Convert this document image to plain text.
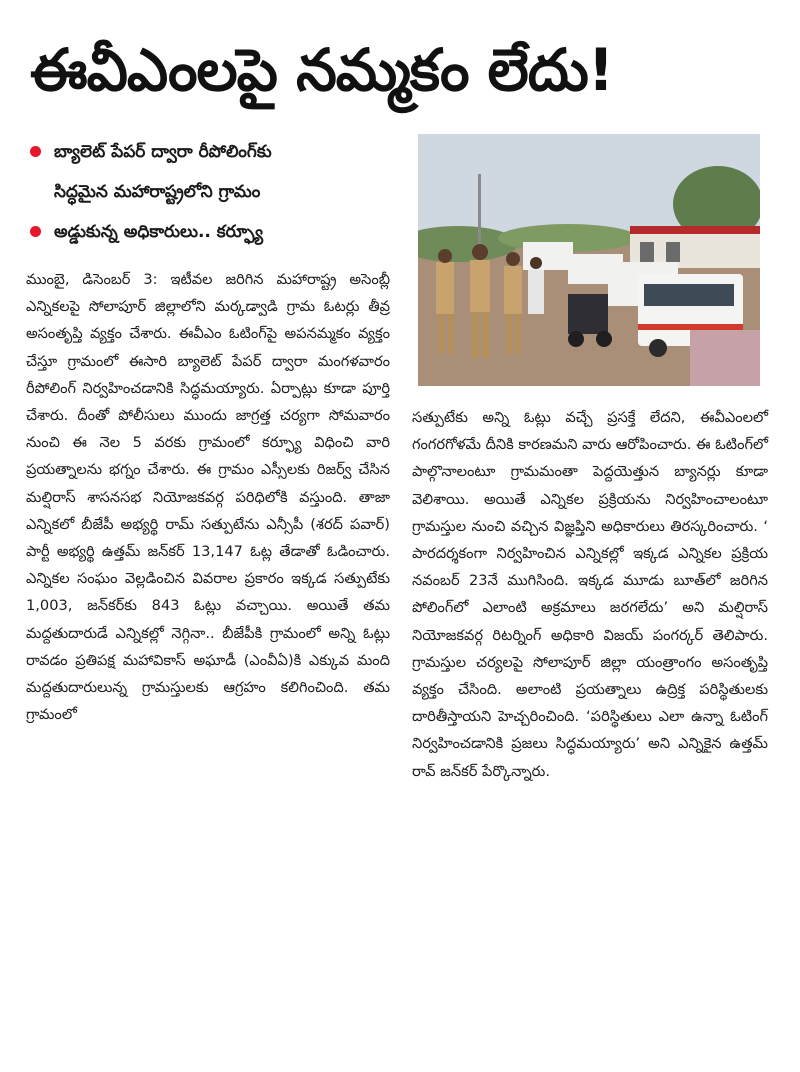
ఈవీఎంలపై నమ్మకం లేదు!
బ్యాలెట్ పేపర్ ద్వారా రీపోలింగ్‌కు
సిద్ధమైన మహారాష్ట్రలోని గ్రామం
అడ్డుకున్న అధికారులు.. కర్ఫ్యూ

ముంబై, డిసెంబర్ 3: ఇటీవల జరిగిన మహారాష్ట్ర అసెంబ్లీ ఎన్నికలపై సోలాపూర్ జిల్లాలోని మర్కడ్వాడి గ్రామ ఓటర్లు తీవ్ర అసంతృప్తి వ్యక్తం చేశారు. ఈవీఎం ఓటింగ్‌పై అపనమ్మకం వ్యక్తం చేస్తూ గ్రామంలో ఈసారి బ్యాలెట్ పేపర్ ద్వారా మంగళవారం రీపోలింగ్ నిర్వహించడానికి సిద్ధమయ్యారు. ఏర్పాట్లు కూడా పూర్తి చేశారు. దీంతో పోలీసులు ముందు జాగ్రత్త చర్యగా సోమవారం నుంచి ఈ నెల 5 వరకు గ్రామంలో కర్ఫ్యూ విధించి వారి ప్రయత్నాలను భగ్నం చేశారు. ఈ గ్రామం ఎస్సీలకు రిజర్వ్ చేసిన మల్షిరాస్ శాసనసభ నియోజకవర్గ పరిధిలోకి వస్తుంది. తాజా ఎన్నికలో బీజేపీ అభ్యర్థి రామ్ సత్పుటేను ఎన్సీపీ (శరద్ పవార్) పార్టీ అభ్యర్థి ఉత్తమ్ జన్‌కర్ 13,147 ఓట్ల తేడాతో ఓడించారు. ఎన్నికల సంఘం వెల్లడించిన వివరాల ప్రకారం ఇక్కడ సత్పుటేకు 1,003, జన్‌కర్‌కు 843 ఓట్లు వచ్చాయి. అయితే తమ మద్దతుదారుడే ఎన్నికల్లో నెగ్గినా.. బీజేపీకి గ్రామంలో అన్ని ఓట్లు రావడం ప్రతిపక్ష మహావికాస్ అఘాడీ (ఎంవీఏ)కి ఎక్కువ మంది మద్దతుదారులున్న గ్రామస్తులకు ఆగ్రహం కలిగించింది. తమ గ్రామంలో

సత్పుటేకు అన్ని ఓట్లు వచ్చే ప్రసక్తే లేదని, ఈవీఎంలలో గంగరగోళమే దీనికి కారణమని వారు ఆరోపించారు. ఈ ఓటింగ్‌లో పాల్గొనాలంటూ గ్రామమంతా పెద్దయెత్తున బ్యానర్లు కూడా వెలిశాయి. అయితే ఎన్నికల ప్రక్రియను నిర్వహించాలంటూ గ్రామస్తుల నుంచి వచ్చిన విజ్ఞప్తిని అధికారులు తిరస్కరించారు. ‘ పారదర్శకంగా నిర్వహించిన ఎన్నికల్లో ఇక్కడ ఎన్నికల ప్రక్రియ నవంబర్ 23నే ముగిసింది. ఇక్కడ మూడు బూత్‌లో జరిగిన పోలింగ్‌లో ఎలాంటి అక్రమాలు జరగలేదు’ అని మల్షిరాస్ నియోజకవర్గ రిటర్నింగ్ అధికారి విజయ్ పంగర్కర్ తెలిపారు. గ్రామస్తుల చర్యలపై సోలాపూర్ జిల్లా యంత్రాంగం అసంతృప్తి వ్యక్తం చేసింది. అలాంటి ప్రయత్నాలు ఉద్రిక్త పరిస్థితులకు దారితీస్తాయని హెచ్చరించింది. ‘పరిస్థితులు ఎలా ఉన్నా ఓటింగ్ నిర్వహించడానికి ప్రజలు సిద్ధమయ్యారు’ అని ఎన్నికైన ఉత్తమ్ రావ్ జన్‌కర్ పేర్కొన్నారు.
